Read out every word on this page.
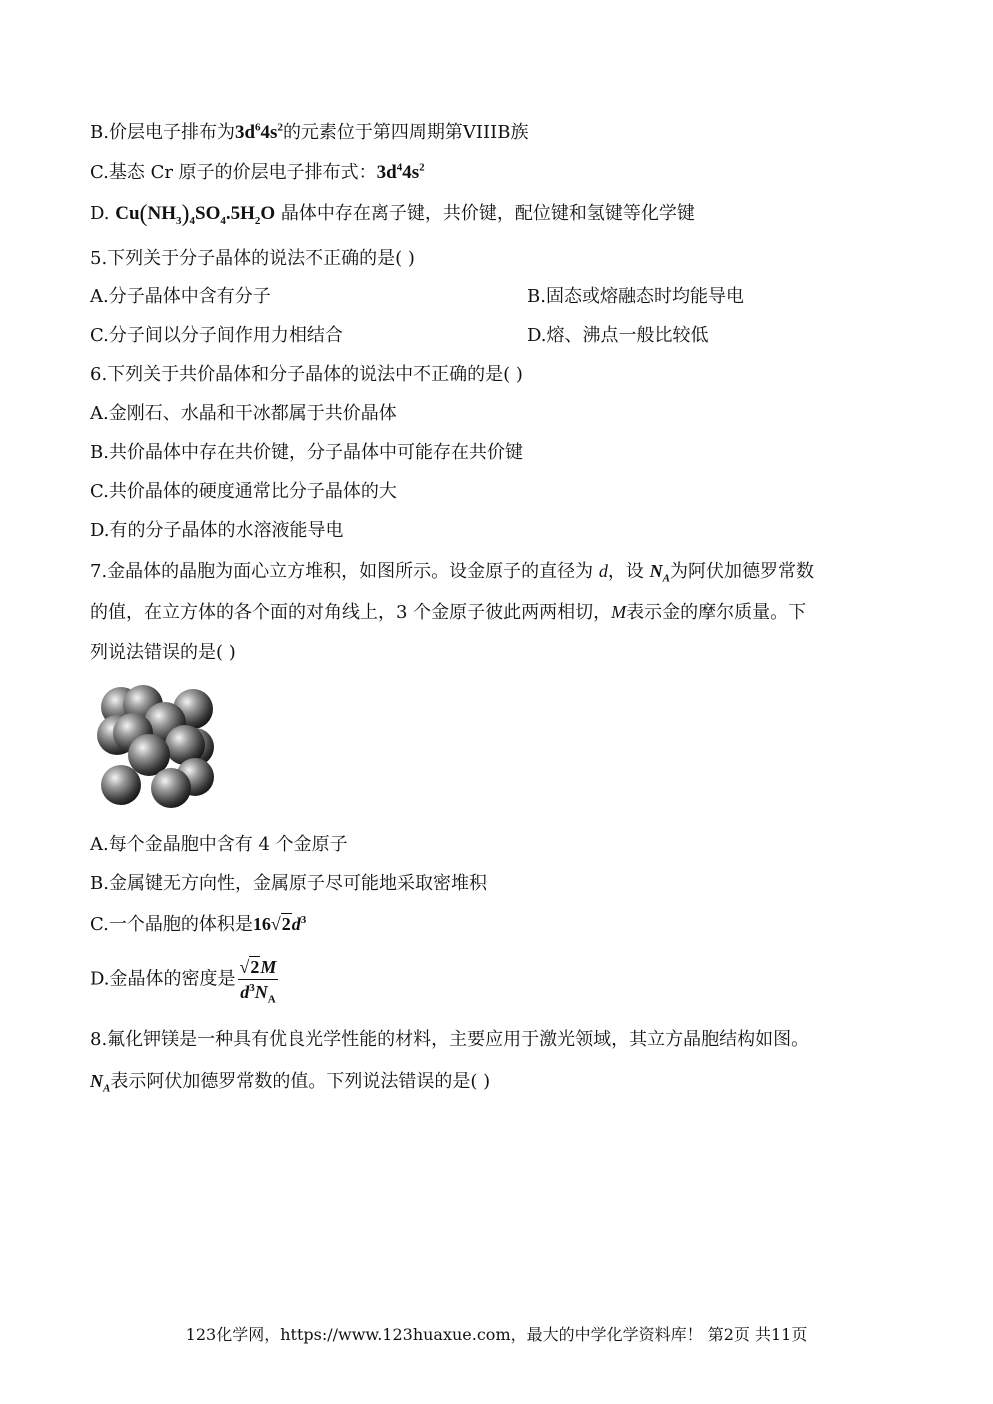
B.价层电子排布为$3d^64s^2$的元素位于第四周期第VIIIB族
C.基态 Cr 原子的价层电子排布式：$3d^44s^2$
D. $Cu(NH_3)_4SO_4.5H_2O$ 晶体中存在离子键，共价键，配位键和氢键等化学键
5.下列关于分子晶体的说法不正确的是( )
A.分子晶体中含有分子	B.固态或熔融态时均能导电
C.分子间以分子间作用力相结合	D.熔、沸点一般比较低
6.下列关于共价晶体和分子晶体的说法中不正确的是( )
A.金刚石、水晶和干冰都属于共价晶体
B.共价晶体中存在共价键，分子晶体中可能存在共价键
C.共价晶体的硬度通常比分子晶体的大
D.有的分子晶体的水溶液能导电
7.金晶体的晶胞为面心立方堆积，如图所示。设金原子的直径为 d，设 $N_A$为阿伏加德罗常数
的值，在立方体的各个面的对角线上，3 个金原子彼此两两相切，M表示金的摩尔质量。下
列说法错误的是( )
A.每个金晶胞中含有 4 个金原子
B.金属键无方向性，金属原子尽可能地采取密堆积
C.一个晶胞的体积是$16√2d^3$
D.金晶体的密度是 $\frac{√2M}{d^3N_A}$
8.氟化钾镁是一种具有优良光学性能的材料，主要应用于激光领域，其立方晶胞结构如图。
$N_A$表示阿伏加德罗常数的值。下列说法错误的是( )
123化学网，https://www.123huaxue.com，最大的中学化学资料库！ 第2页 共11页
